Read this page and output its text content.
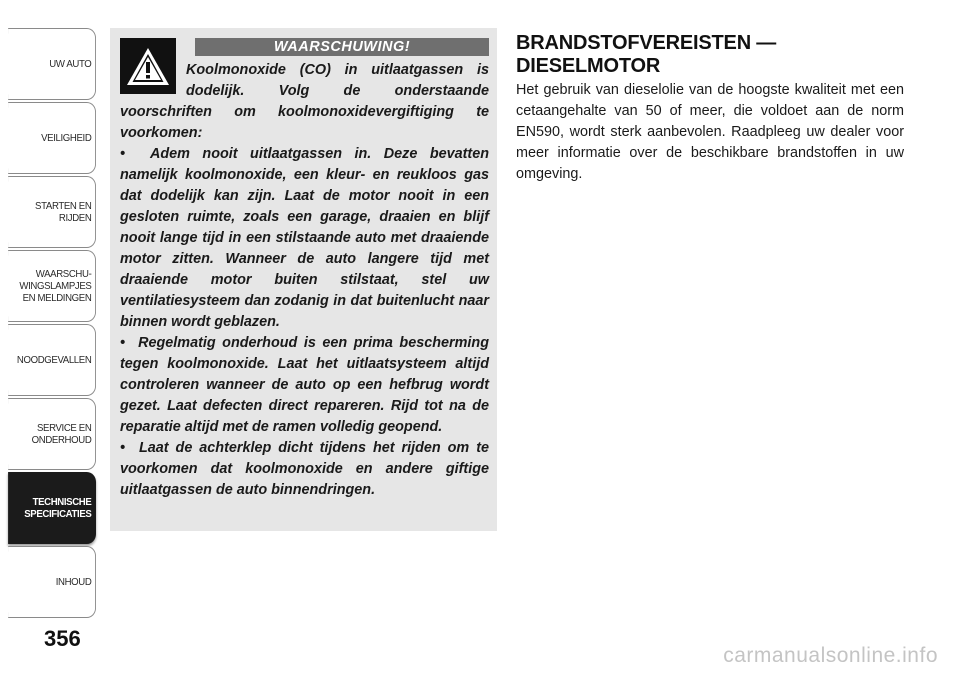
UW AUTO
VEILIGHEID
STARTEN EN
RIJDEN
WAARSCHU-
WINGSLAMPJES
EN MELDINGEN
NOODGEVALLEN
SERVICE EN
ONDERHOUD
TECHNISCHE
SPECIFICATIES
INHOUD
356
WAARSCHUWING!

Koolmonoxide (CO) in uitlaatgassen is dodelijk. Volg de onderstaande voorschriften om koolmonoxidevergiftiging te voorkomen:

•  Adem nooit uitlaatgassen in. Deze bevatten namelijk koolmonoxide, een kleur- en reukloos gas dat dodelijk kan zijn. Laat de motor nooit in een gesloten ruimte, zoals een garage, draaien en blijf nooit lange tijd in een stilstaande auto met draaiende motor zitten. Wanneer de auto langere tijd met draaiende motor buiten stilstaat, stel uw ventilatiesysteem dan zodanig in dat buitenlucht naar binnen wordt geblazen.

•  Regelmatig onderhoud is een prima bescherming tegen koolmonoxide. Laat het uitlaatsysteem altijd controleren wanneer de auto op een hefbrug wordt gezet. Laat defecten direct repareren. Rijd tot na de reparatie altijd met de ramen volledig geopend.

•  Laat de achterklep dicht tijdens het rijden om te voorkomen dat koolmonoxide en andere giftige uitlaatgassen de auto binnendringen.

BRANDSTOFVEREISTEN — DIESELMOTOR
Het gebruik van dieselolie van de hoogste kwaliteit met een cetaangehalte van 50 of meer, die voldoet aan de norm EN590, wordt sterk aanbevolen. Raadpleeg uw dealer voor meer informatie over de beschikbare brandstoffen in uw omgeving.
carmanualsonline.info
